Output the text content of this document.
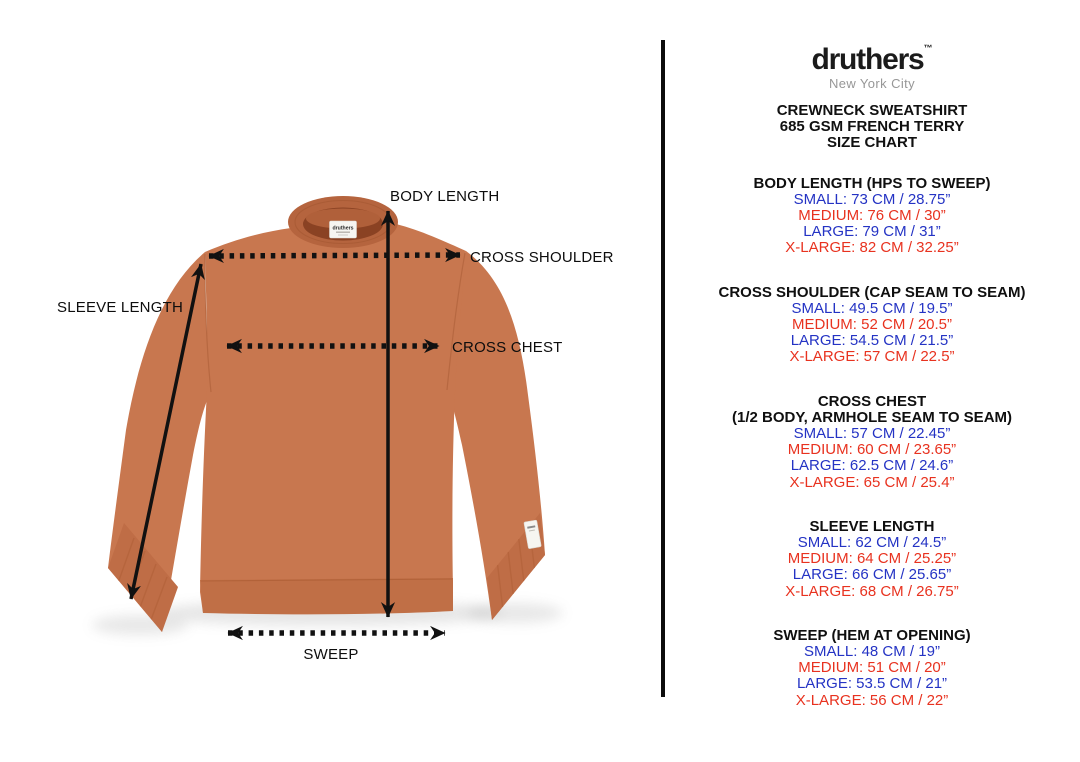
druthers
BODY LENGTH
CROSS SHOULDER
SLEEVE LENGTH
CROSS CHEST
SWEEP
druthers™
New York City
CREWNECK SWEATSHIRT
685 GSM FRENCH TERRY
SIZE CHART
BODY LENGTH (HPS TO SWEEP)
SMALL: 73 CM / 28.75”
MEDIUM: 76 CM / 30”
LARGE: 79 CM / 31”
X-LARGE: 82 CM / 32.25”
CROSS SHOULDER (CAP SEAM TO SEAM)
SMALL: 49.5 CM / 19.5”
MEDIUM: 52 CM / 20.5”
LARGE: 54.5 CM / 21.5”
X-LARGE: 57 CM / 22.5”
CROSS CHEST
(1/2 BODY, ARMHOLE SEAM TO SEAM)
SMALL: 57 CM / 22.45”
MEDIUM: 60 CM / 23.65”
LARGE: 62.5 CM / 24.6”
X-LARGE: 65 CM / 25.4”
SLEEVE LENGTH
SMALL: 62 CM / 24.5”
MEDIUM: 64 CM / 25.25”
LARGE: 66 CM / 25.65”
X-LARGE: 68 CM / 26.75”
SWEEP (HEM AT OPENING)
SMALL: 48 CM / 19”
MEDIUM: 51 CM / 20”
LARGE: 53.5 CM / 21”
X-LARGE: 56 CM / 22”
